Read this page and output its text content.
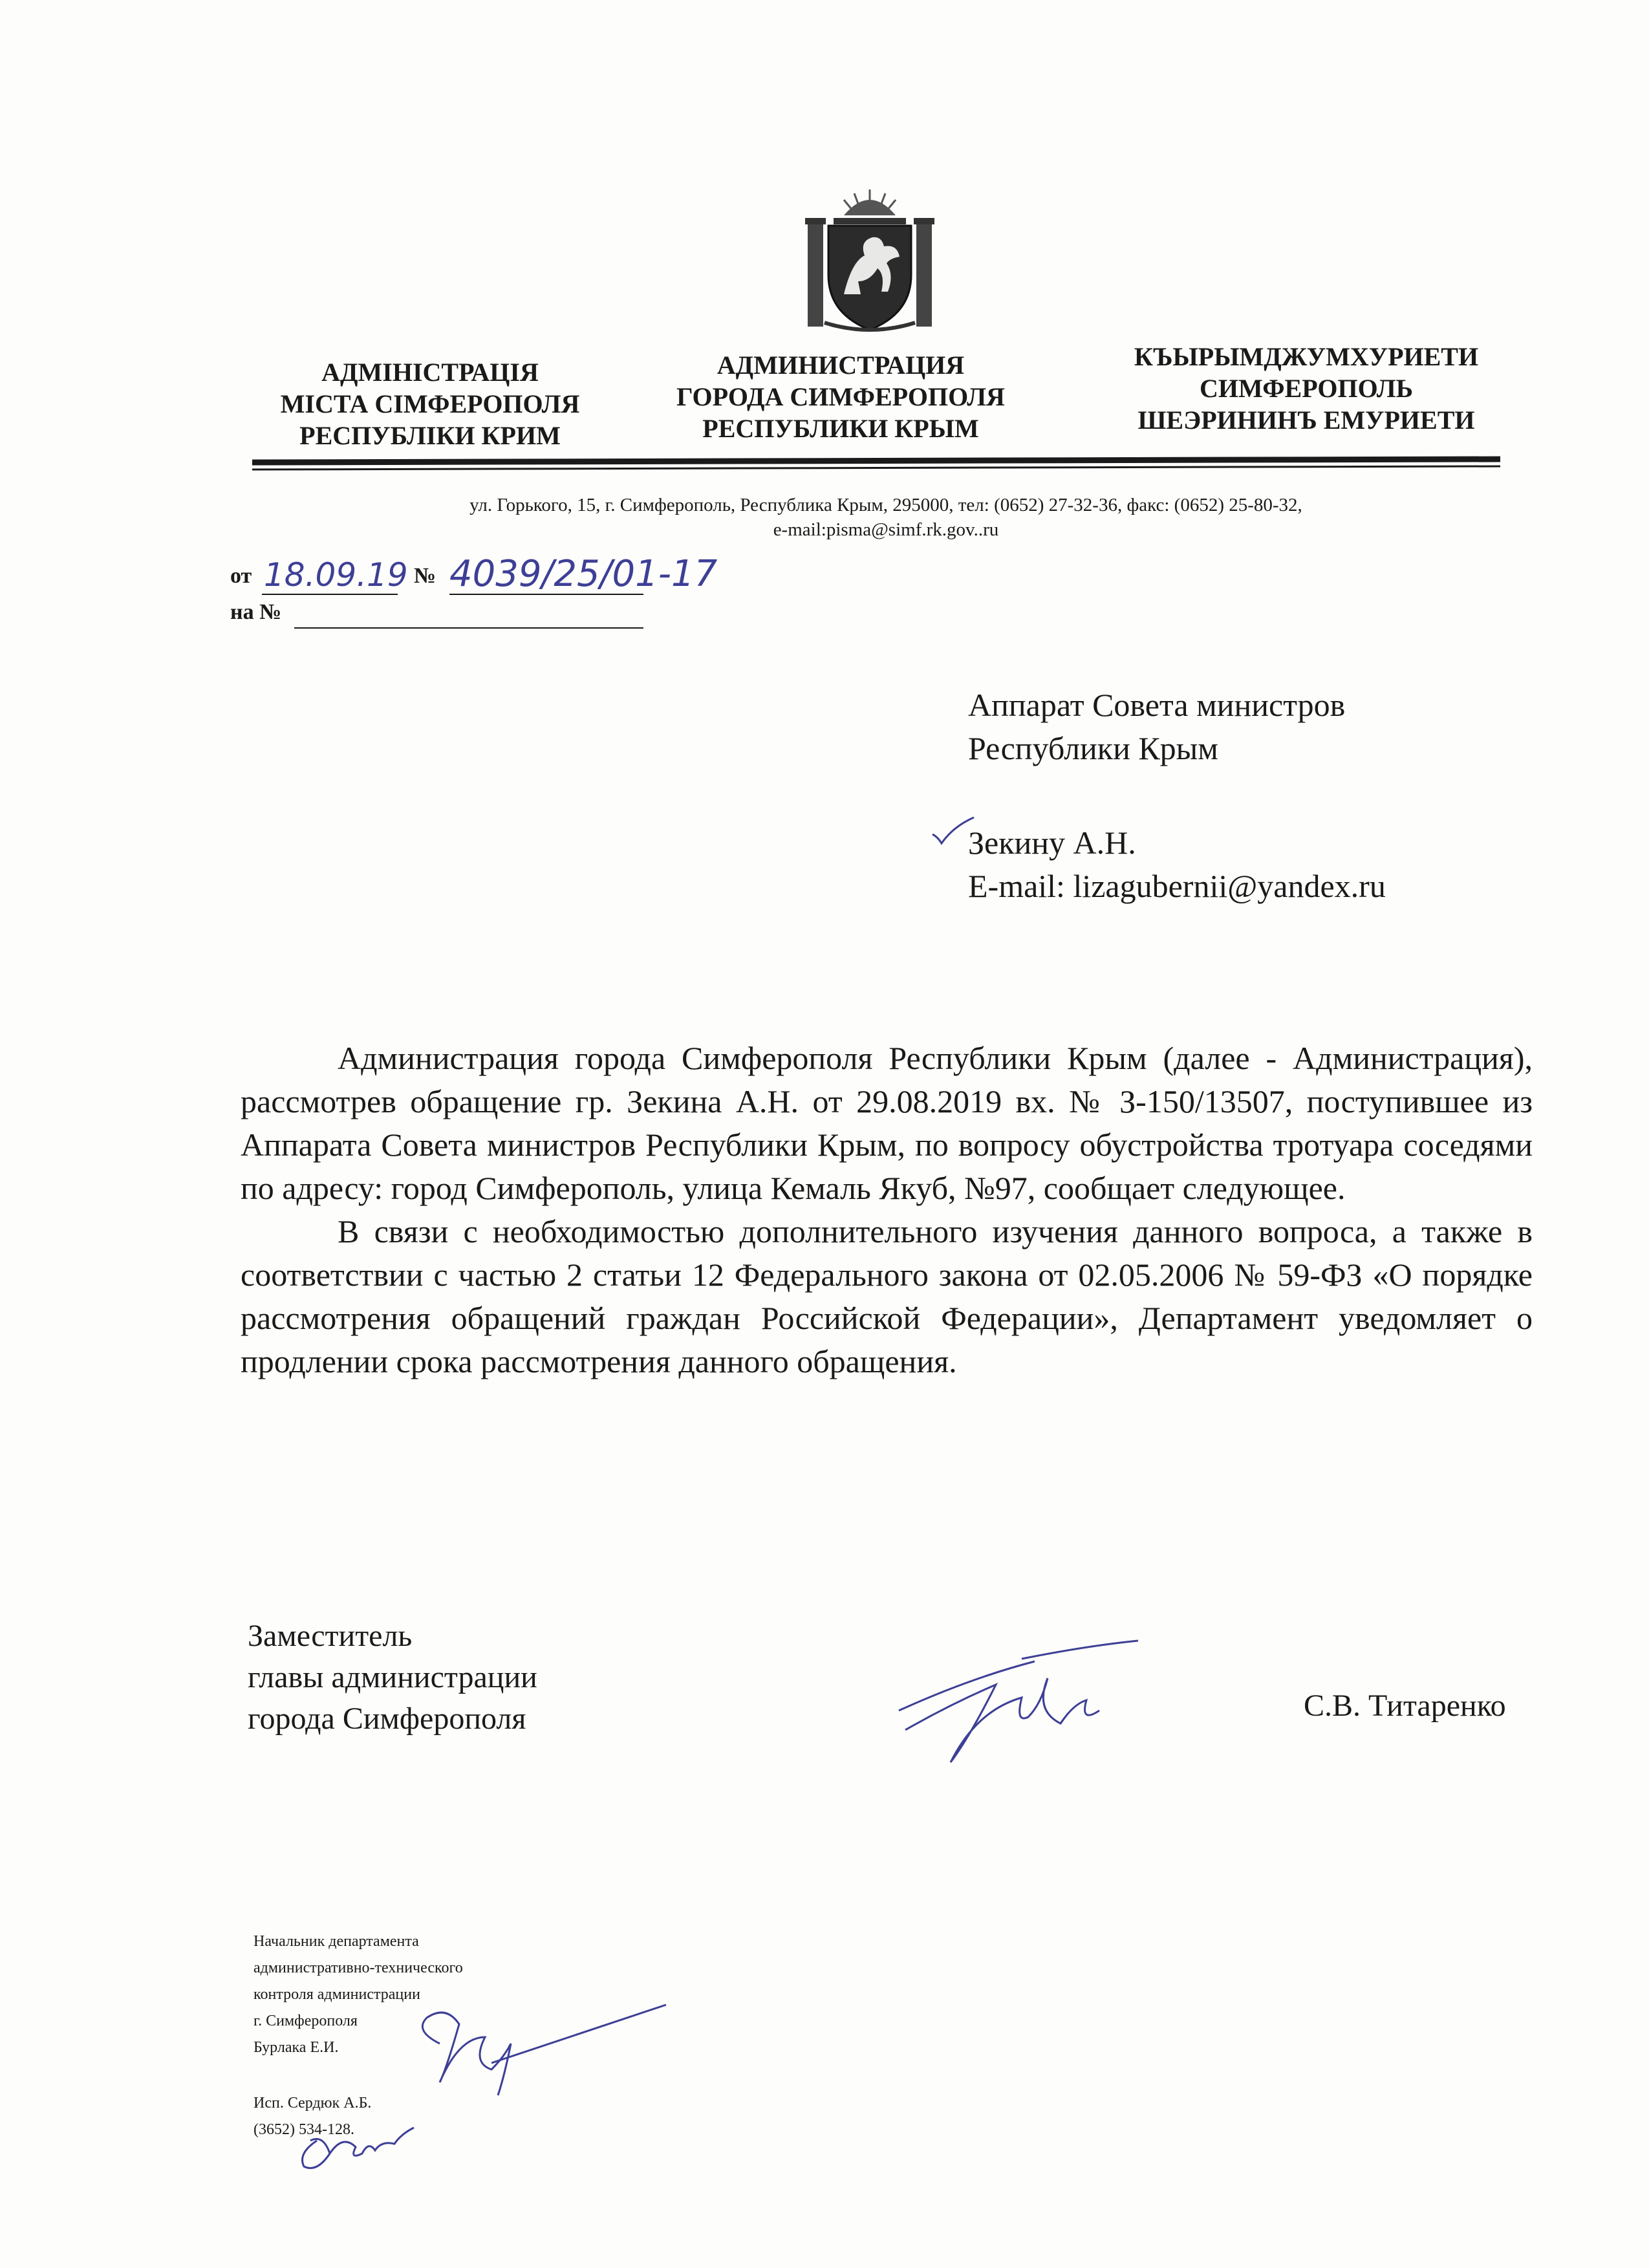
АДМІНІСТРАЦІЯ
МІСТА СІМФЕРОПОЛЯ
РЕСПУБЛІКИ КРИМ
АДМИНИСТРАЦИЯ
ГОРОДА СИМФЕРОПОЛЯ
РЕСПУБЛИКИ КРЫМ
КЪЫРЫМДЖУМХУРИЕТИ
СИМФЕРОПОЛЬ
ШЕЭРИНИНЪ ЕМУРИЕТИ
ул. Горького, 15, г. Симферополь, Республика Крым, 295000, тел: (0652) 27-32-36, факс: (0652) 25-80-32,
e-mail:pisma@simf.rk.gov..ru
от 18.09.19 № 4039/25/01-17
на №
Аппарат Совета министров
Республики Крым
Зекину А.Н.
E-mail: lizagubernii@yandex.ru

Администрация города Симферополя Республики Крым (далее - Администрация), рассмотрев обращение гр. Зекина А.Н. от 29.08.2019 вх. № З-150/13507, поступившее из Аппарата Совета министров Республики Крым, по вопросу обустройства тротуара соседями по адресу: город Симферополь, улица Кемаль Якуб, №97, сообщает следующее.

В связи с необходимостью дополнительного изучения данного вопроса, а также в соответствии с частью 2 статьи 12 Федерального закона от 02.05.2006 № 59-ФЗ «О порядке рассмотрения обращений граждан Российской Федерации», Департамент уведомляет о продлении срока рассмотрения данного обращения.

Заместитель
главы администрации
города Симферополя	С.В. Титаренко
Начальник департамента
административно-технического
контроля администрации
г. Симферополя
Бурлака Е.И.
Исп. Сердюк А.Б.
(3652) 534-128.
